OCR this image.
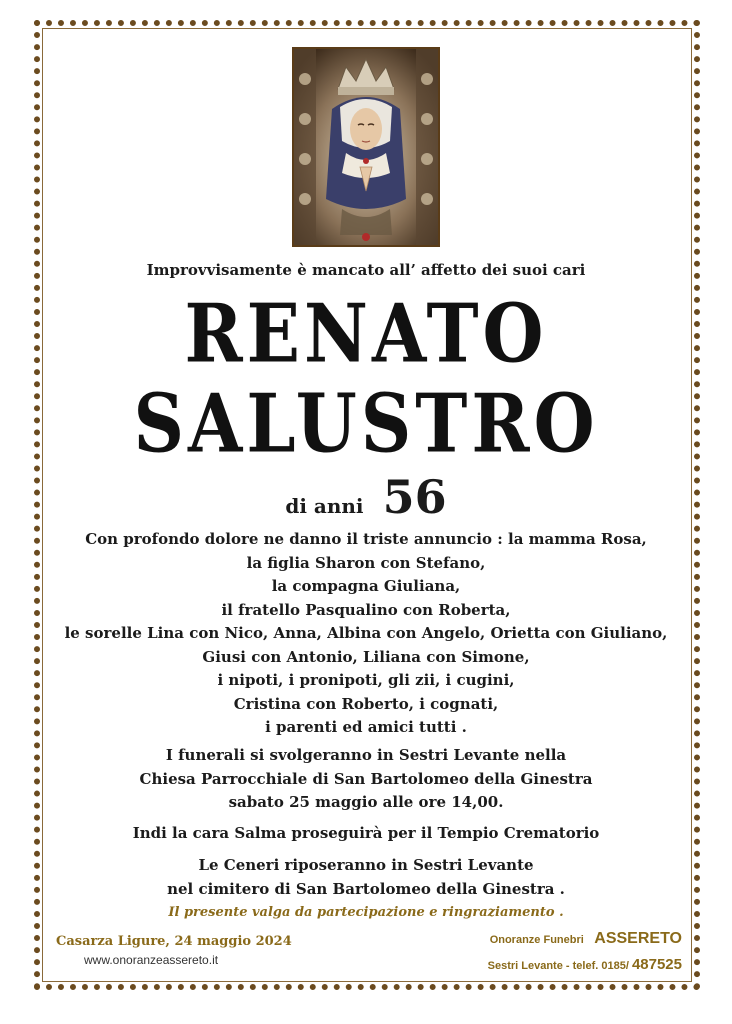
Improvvisamente è mancato all’ affetto dei suoi cari
RENATO
SALUSTRO
di anni 56
Con profondo dolore ne danno il triste annuncio : la mamma Rosa,
la figlia Sharon con Stefano,
la compagna Giuliana,
il fratello Pasqualino con Roberta,
le sorelle Lina con Nico, Anna, Albina con Angelo, Orietta con Giuliano,
Giusi con Antonio, Liliana con Simone,
i nipoti, i pronipoti, gli zii, i cugini,
Cristina con Roberto, i cognati,
i parenti ed amici tutti .
I funerali si svolgeranno in Sestri Levante nella
Chiesa Parrocchiale di San Bartolomeo della Ginestra
sabato 25 maggio alle ore 14,00.
Indi la cara Salma proseguirà per il Tempio Crematorio
Le Ceneri riposeranno in Sestri Levante
nel cimitero di San Bartolomeo della Ginestra .
Il presente valga da partecipazione e ringraziamento .
Casarza Ligure, 24 maggio 2024
www.onoranzeassereto.it
Onoranze Funebri ASSERETO
Sestri Levante - telef. 0185/ 487525
